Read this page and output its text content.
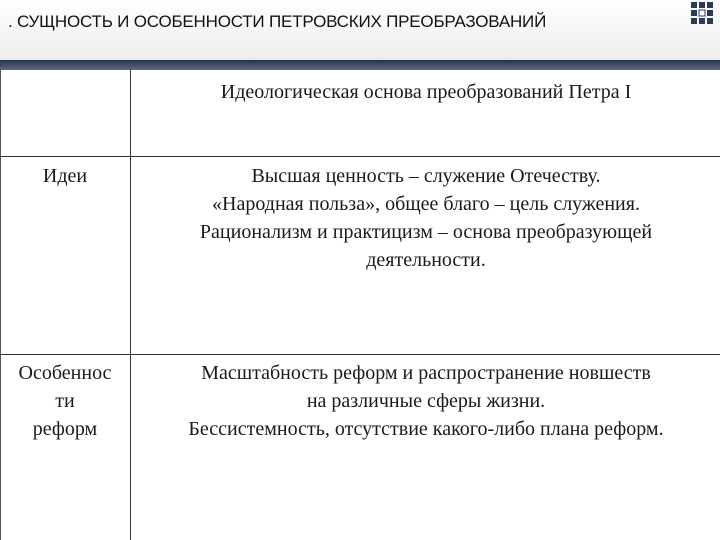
. СУЩНОСТЬ И ОСОБЕННОСТИ ПЕТРОВСКИХ ПРЕОБРАЗОВАНИЙ
Идеологическая основа преобразований Петра I
Идеи	Высшая ценность – служение Отечеству.
«Народная польза», общее благо – цель служения.
Рационализм и практицизм – основа преобразующей
деятельности.
Особеннос
ти
реформ
Масштабность реформ и распространение новшеств
на различные сферы жизни.
Бессистемность, отсутствие какого-либо плана реформ.
